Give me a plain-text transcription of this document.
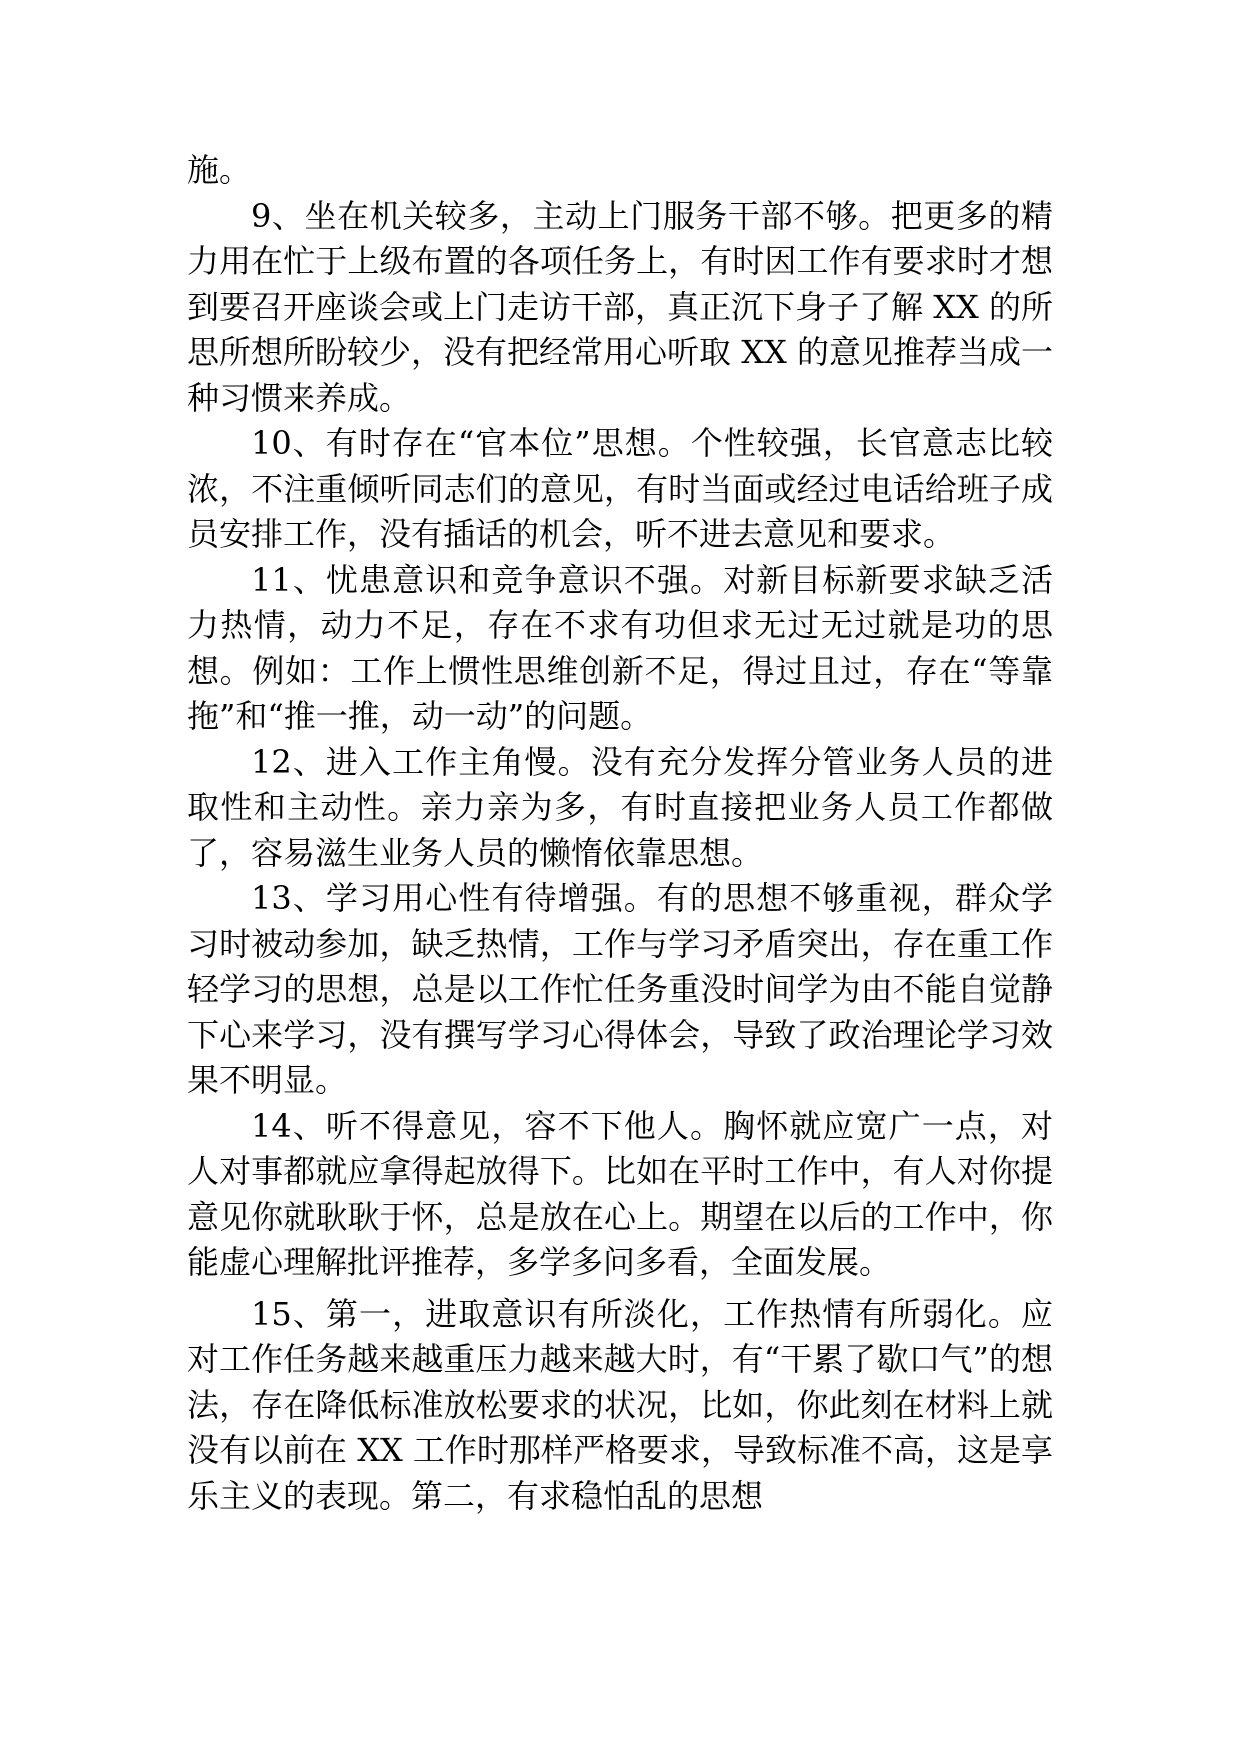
施。

9、坐在机关较多，主动上门服务干部不够。把更多的精力用在忙于上级布置的各项任务上，有时因工作有要求时才想到要召开座谈会或上门走访干部，真正沉下身子了解 XX 的所思所想所盼较少，没有把经常用心听取 XX 的意见推荐当成一种习惯来养成。

10、有时存在“官本位”思想。个性较强，长官意志比较浓，不注重倾听同志们的意见，有时当面或经过电话给班子成员安排工作，没有插话的机会，听不进去意见和要求。

11、忧患意识和竞争意识不强。对新目标新要求缺乏活力热情，动力不足，存在不求有功但求无过无过就是功的思想。例如：工作上惯性思维创新不足，得过且过，存在“等靠拖”和“推一推，动一动”的问题。

12、进入工作主角慢。没有充分发挥分管业务人员的进取性和主动性。亲力亲为多，有时直接把业务人员工作都做了，容易滋生业务人员的懒惰依靠思想。

13、学习用心性有待增强。有的思想不够重视，群众学习时被动参加，缺乏热情，工作与学习矛盾突出，存在重工作轻学习的思想，总是以工作忙任务重没时间学为由不能自觉静下心来学习，没有撰写学习心得体会，导致了政治理论学习效果不明显。

14、听不得意见，容不下他人。胸怀就应宽广一点，对人对事都就应拿得起放得下。比如在平时工作中，有人对你提意见你就耿耿于怀，总是放在心上。期望在以后的工作中，你能虚心理解批评推荐，多学多问多看，全面发展。

15、第一，进取意识有所淡化，工作热情有所弱化。应对工作任务越来越重压力越来越大时，有“干累了歇口气”的想法，存在降低标准放松要求的状况，比如，你此刻在材料上就没有以前在 XX 工作时那样严格要求，导致标准不高，这是享乐主义的表现。第二，有求稳怕乱的思想
